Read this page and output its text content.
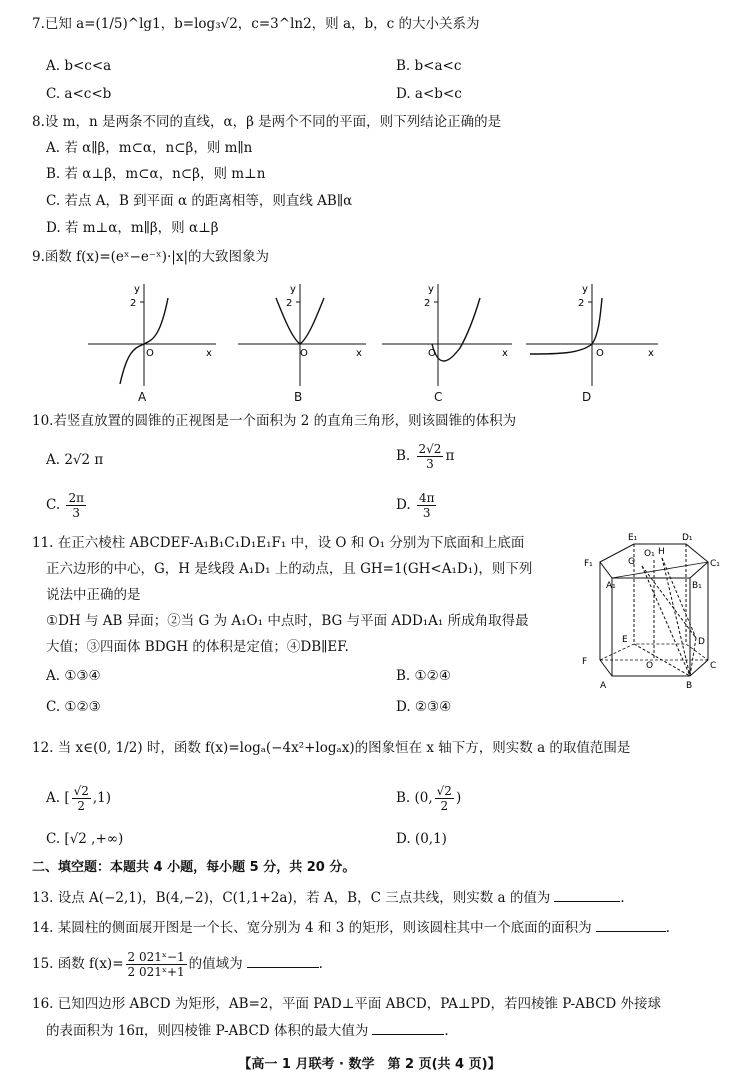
7.已知 a=(1/5)^lg1，b=log₃√2，c=3^ln2，则 a，b，c 的大小关系为
A. b<c<a	B. b<a<c
C. a<c<b	D. a<b<c
8.设 m，n 是两条不同的直线，α，β 是两个不同的平面，则下列结论正确的是
A. 若 α∥β，m⊂α，n⊂β，则 m∥n
B. 若 α⊥β，m⊂α，n⊂β，则 m⊥n
C. 若点 A，B 到平面 α 的距离相等，则直线 AB∥α
D. 若 m⊥α，m∥β，则 α⊥β
9.函数 f(x)=(eˣ−e⁻ˣ)·|x|的大致图象为
y
x
O
2
A
y
x
O
2
B
y
x
O
2
C
y
x
O
2
D
10.若竖直放置的圆锥的正视图是一个面积为 2 的直角三角形，则该圆锥的体积为
A. 2√2 π	B. $\frac{2√2}{3}$ π
C. $\frac{2\pi}{3}$	D. $\frac{4\pi}{3}$
11. 在正六棱柱 ABCDEF-A₁B₁C₁D₁E₁F₁ 中，设 O 和 O₁ 分别为下底面和上底面
正六边形的中心，G，H 是线段 A₁D₁ 上的动点，且 GH=1(GH<A₁D₁)，则下列
说法中正确的是
①DH 与 AB 异面；②当 G 为 A₁O₁ 中点时，BG 与平面 ADD₁A₁ 所成角取得最
大值；③四面体 BDGH 的体积是定值；④DB∥EF.
A. ①③④	B. ①②④
C. ①②③	D. ②③④
E₁	D₁
F₁	C₁
O₁ H
G
A₁	B₁
E	D
F	O	C
A	B
12. 当 x∈(0, 1/2) 时，函数 f(x)=logₐ(−4x²+logₐx)的图象恒在 x 轴下方，则实数 a 的取值范围是
A. [ $\frac{√2}{2} ,1$)	B. (0, $\frac{√2}{2}$ )
C. [√2 ,+∞)	D. (0,1)
二、填空题：本题共 4 小题，每小题 5 分，共 20 分。
13. 设点 A(−2,1)，B(4,−2)，C(1,1+2a)，若 A，B，C 三点共线，则实数 a 的值为	.
14. 某圆柱的侧面展开图是一个长、宽分别为 4 和 3 的矩形，则该圆柱其中一个底面的面积为	.
15. 函数 $f(x)= \frac{\text{2 021ˣ−1}}{\text{2 021ˣ+1}}$ 的值域为	.
16. 已知四边形 ABCD 为矩形，AB=2，平面 PAD⊥平面 ABCD，PA⊥PD，若四棱锥 P-ABCD 外接球
的表面积为 16π，则四棱锥 P-ABCD 体积的最大值为	.
【高一 1 月联考 · 数学　第 2 页(共 4 页)】
